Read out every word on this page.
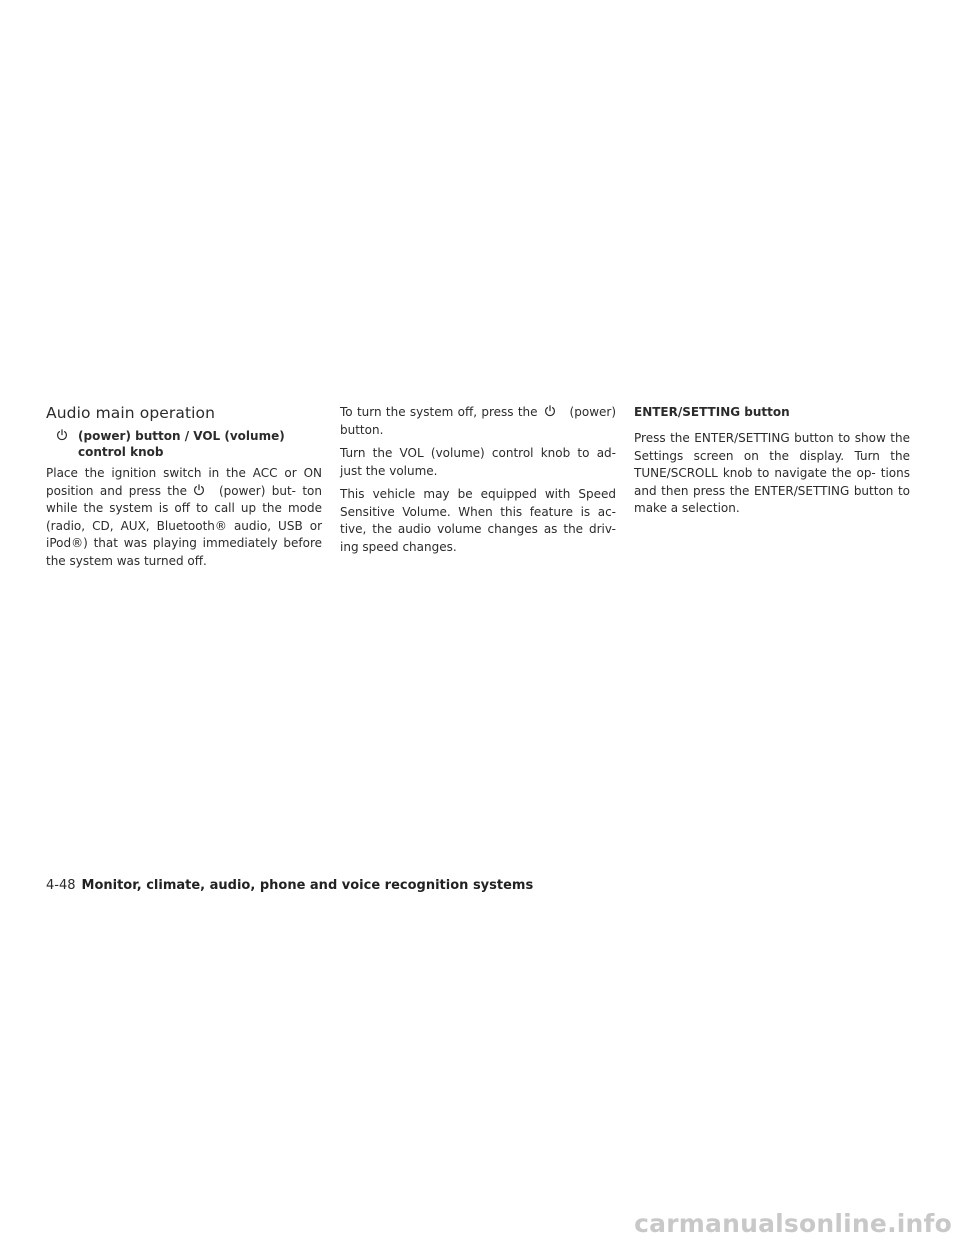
Audio main operation
(power) button / VOL (volume)
control knob

Place the ignition switch in the ACC or ON position and press the	(power) but- ton while the system is off to call up the mode (radio, CD, AUX, Bluetooth® audio, USB or iPod®) that was playing immediately before the system was turned off.

To turn the system off, press the	(power) button.

Turn the VOL (volume) control knob to ad- just the volume.

This vehicle may be equipped with Speed Sensitive Volume. When this feature is ac- tive, the audio volume changes as the driv- ing speed changes.

ENTER/SETTING button

Press the ENTER/SETTING button to show the Settings screen on the display. Turn the TUNE/SCROLL knob to navigate the op- tions and then press the ENTER/SETTING button to make a selection.

4-48 Monitor, climate, audio, phone and voice recognition systems
carmanualsonline.info
